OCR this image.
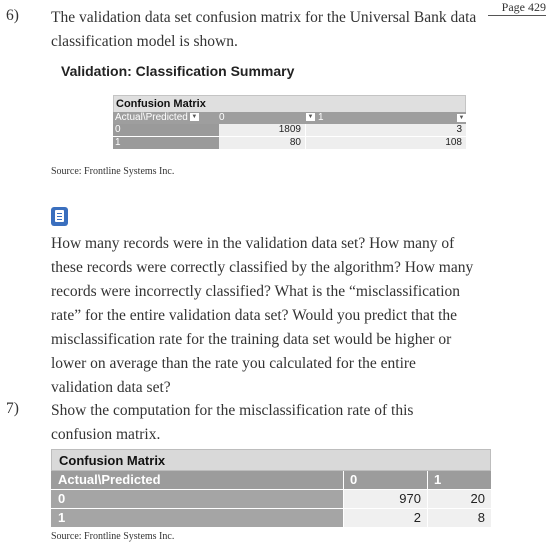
Page 429
6) The validation data set confusion matrix for the Universal Bank data
classification model is shown.
Validation: Classification Summary
Confusion Matrix
Actual\Predicted ▼	0	▼ 1	▼
0	1809	3
1	80	108
Source: Frontline Systems Inc.
How many records were in the validation data set? How many of
these records were correctly classified by the algorithm? How many
records were incorrectly classified? What is the “misclassification
rate” for the entire validation data set? Would you predict that the
misclassification rate for the training data set would be higher or
lower on average than the rate you calculated for the entire
validation data set?
7) Show the computation for the misclassification rate of this
confusion matrix.
Confusion Matrix
Actual\Predicted	0	1
0	970	20
1	2	8
Source: Frontline Systems Inc.
